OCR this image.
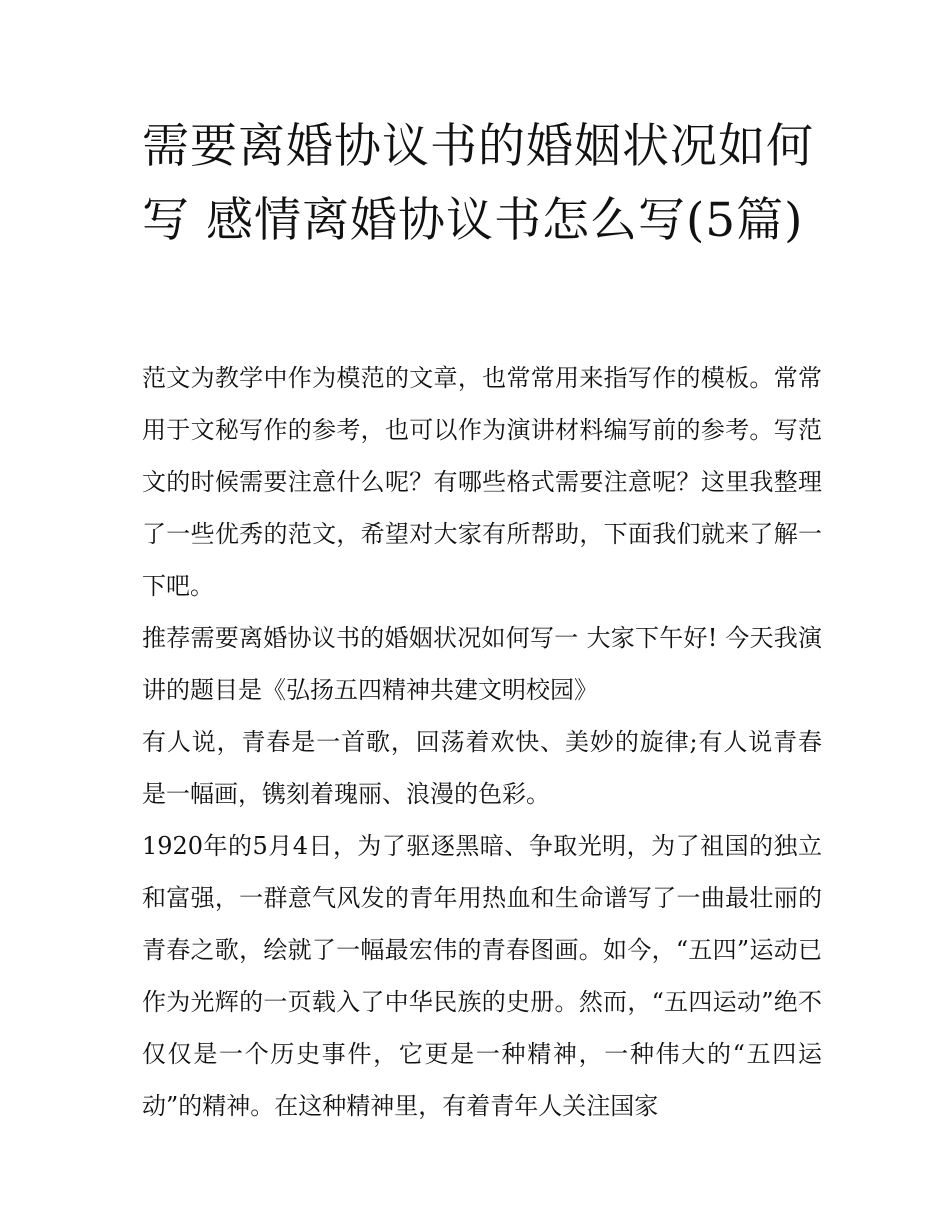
需要离婚协议书的婚姻状况如何写 感情离婚协议书怎么写(5篇)

范文为教学中作为模范的文章，也常常用来指写作的模板。常常用于文秘写作的参考，也可以作为演讲材料编写前的参考。写范文的时候需要注意什么呢？有哪些格式需要注意呢？这里我整理了一些优秀的范文，希望对大家有所帮助，下面我们就来了解一下吧。

推荐需要离婚协议书的婚姻状况如何写一 大家下午好! 今天我演讲的题目是《弘扬五四精神共建文明校园》

有人说，青春是一首歌，回荡着欢快、美妙的旋律;有人说青春是一幅画，镌刻着瑰丽、浪漫的色彩。

1920年的5月4日，为了驱逐黑暗、争取光明，为了祖国的独立和富强，一群意气风发的青年用热血和生命谱写了一曲最壮丽的青春之歌，绘就了一幅最宏伟的青春图画。如今，“五四”运动已作为光辉的一页载入了中华民族的史册。然而，“五四运动”绝不仅仅是一个历史事件，它更是一种精神，一种伟大的“五四运动”的精神。在这种精神里，有着青年人关注国家
